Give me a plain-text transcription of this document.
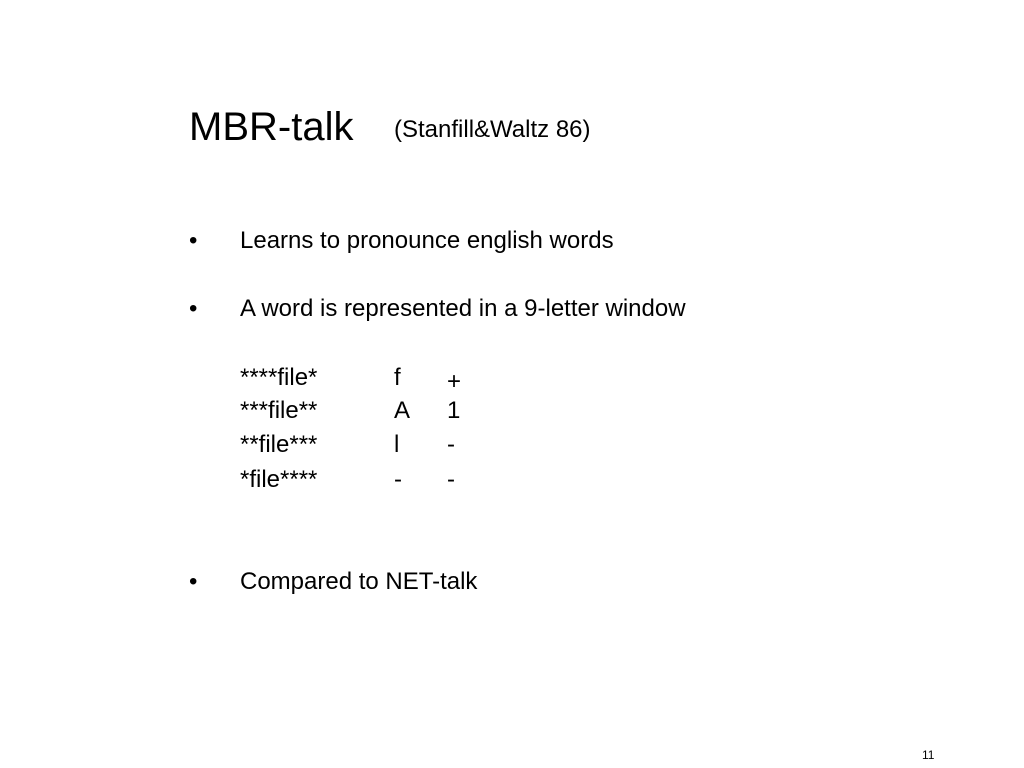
MBR-talk (Stanfill&Waltz 86)
• Learns to pronounce english words
• A word is represented in a 9-letter window
****file*	f +
***file**	A 1
**file***	l -
*file****	- -
• Compared to NET-talk
11
